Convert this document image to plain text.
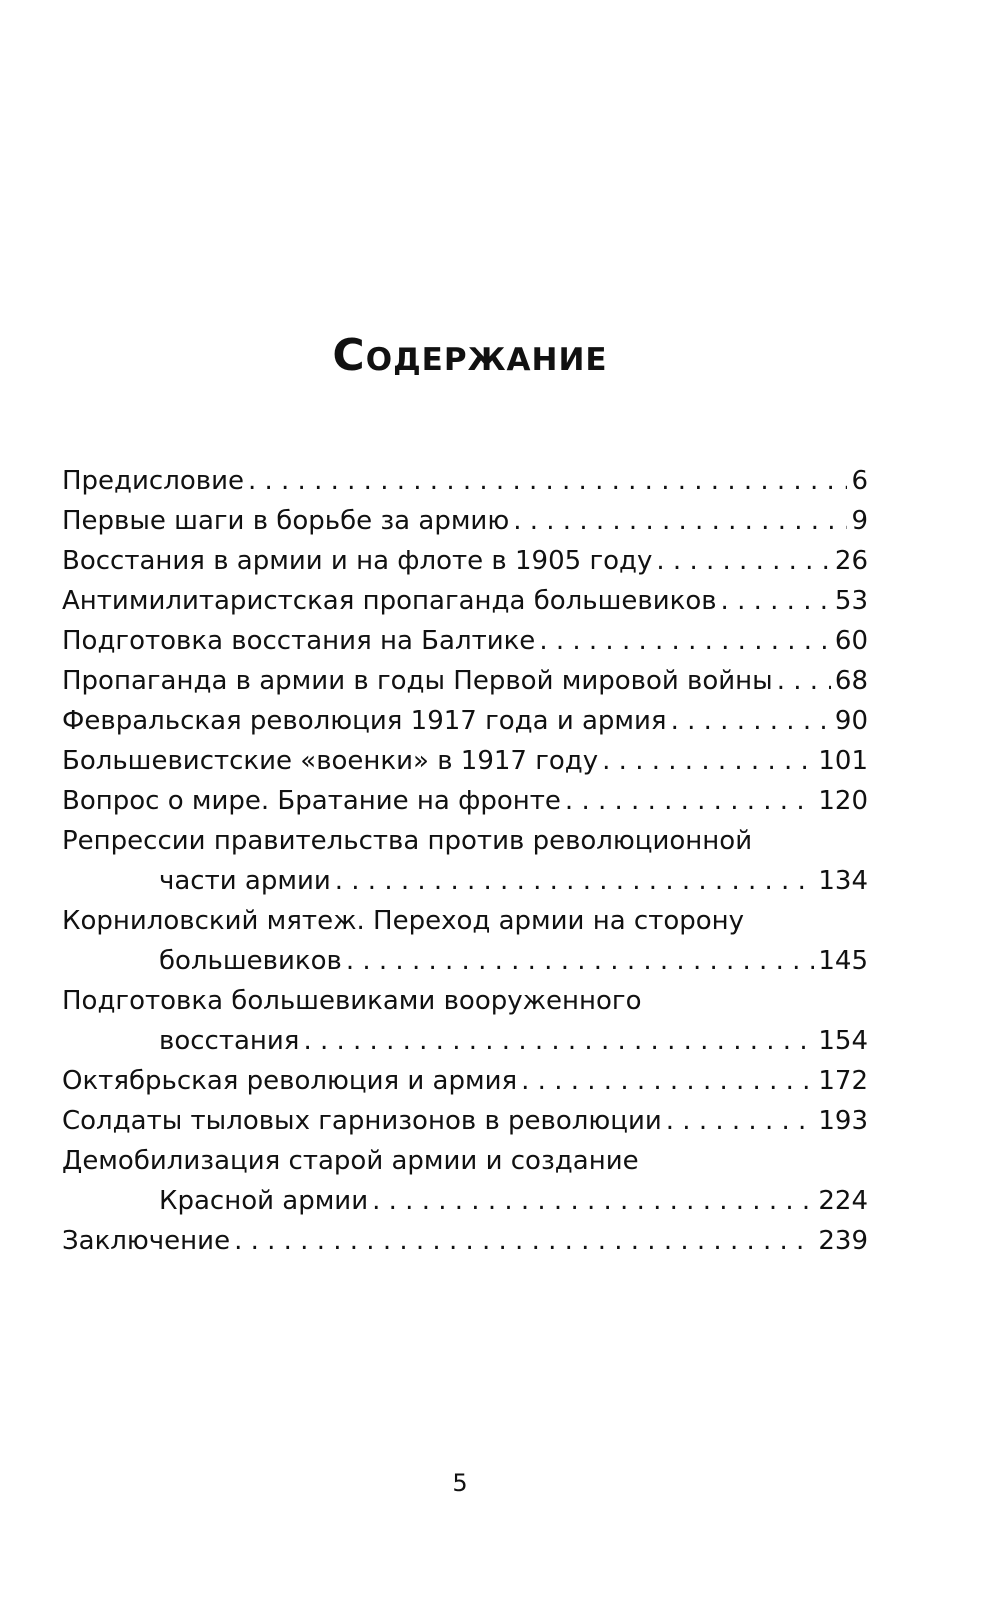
Содержание
Предисловие . . .	6
Первые шаги в борьбе за армию . . .	9
Восстания в армии и на флоте в 1905 году . . .	26
Антимилитаристская пропаганда большевиков . . .	53
Подготовка восстания на Балтике . . .	60
Пропаганда в армии в годы Первой мировой войны . . . 68
Февральская революция 1917 года и армия . . .	90
Большевистские «военки» в 1917 году . . .	101
Вопрос о мире. Братание на фронте . . .	120
Репрессии правительства против революционной
части армии . . .	134
Корниловский мятеж. Переход армии на сторону
большевиков . . .	145
Подготовка большевиками вооруженного
восстания . . .	154
Октябрьская революция и армия . . .	172
Солдаты тыловых гарнизонов в революции . . .	193
Демобилизация старой армии и создание
Красной армии . . .	224
Заключение . . .	239
5
